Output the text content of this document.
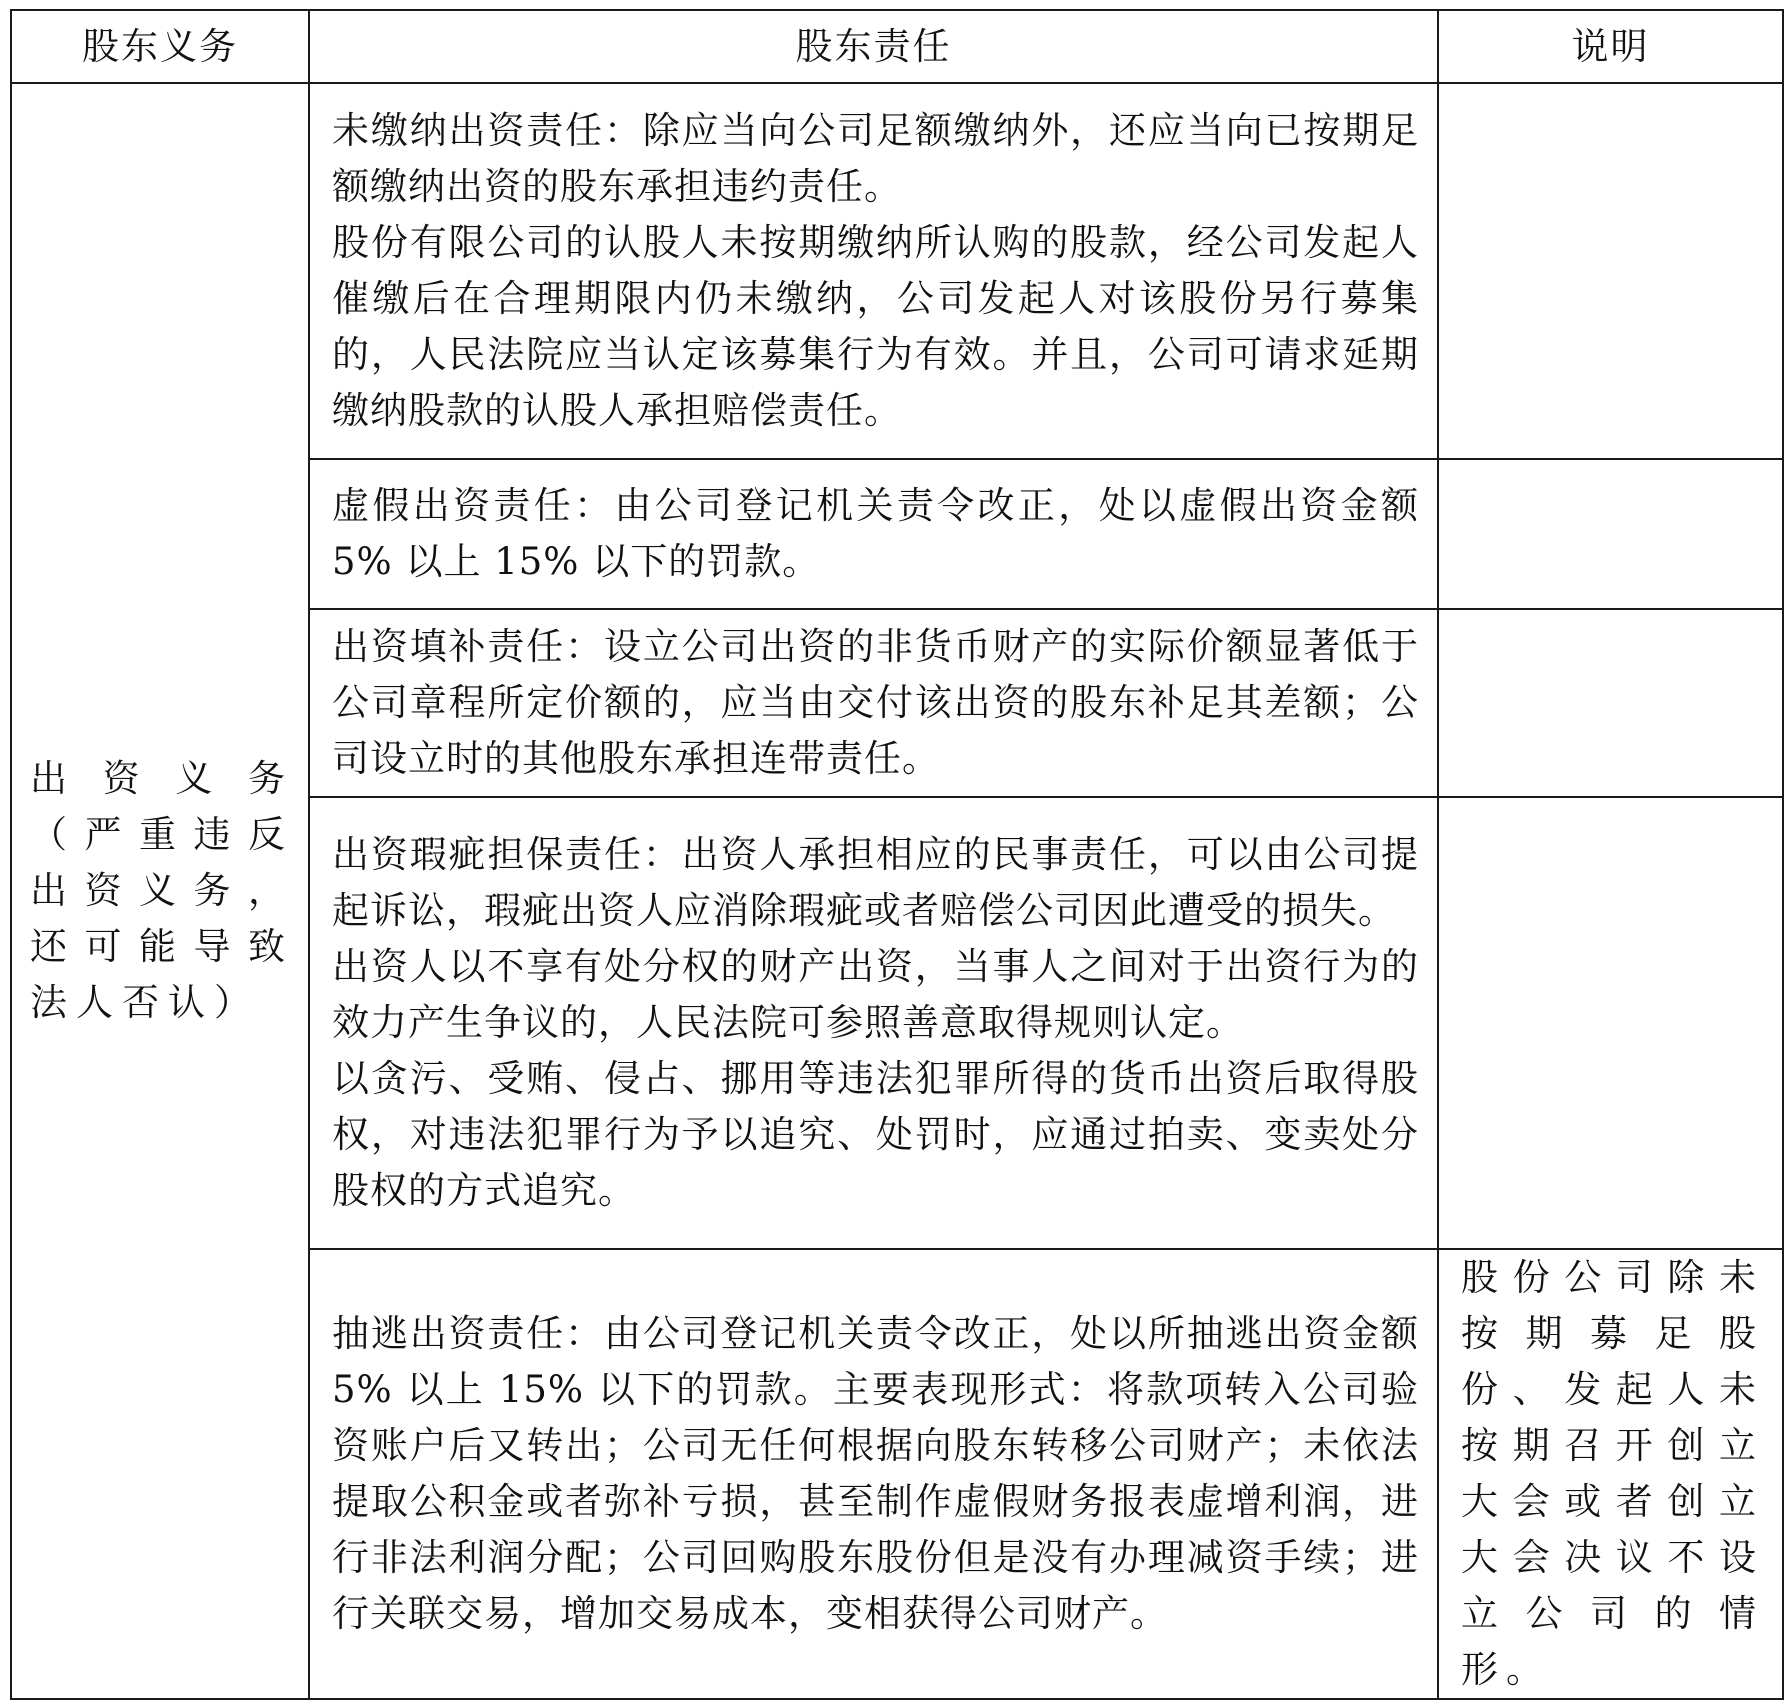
股东义务	股东责任	说明
出资义务（严重违反出资义务，还可能导致法人否认）	未缴纳出资责任：除应当向公司足额缴纳外，还应当向已按期足额缴纳出资的股东承担违约责任。

股份有限公司的认股人未按期缴纳所认购的股款，经公司发起人催缴后在合理期限内仍未缴纳，公司发起人对该股份另行募集的，人民法院应当认定该募集行为有效。并且，公司可请求延期缴纳股款的认股人承担赔偿责任。	

	虚假出资责任：由公司登记机关责令改正，处以虚假出资金额 5% 以上 15% 以下的罚款。	

	出资填补责任：设立公司出资的非货币财产的实际价额显著低于公司章程所定价额的，应当由交付该出资的股东补足其差额；公司设立时的其他股东承担连带责任。	

	出资瑕疵担保责任：出资人承担相应的民事责任，可以由公司提起诉讼，瑕疵出资人应消除瑕疵或者赔偿公司因此遭受的损失。

出资人以不享有处分权的财产出资，当事人之间对于出资行为的效力产生争议的，人民法院可参照善意取得规则认定。

以贪污、受贿、侵占、挪用等违法犯罪所得的货币出资后取得股权，对违法犯罪行为予以追究、处罚时，应通过拍卖、变卖处分股权的方式追究。	

	抽逃出资责任：由公司登记机关责令改正，处以所抽逃出资金额 5% 以上 15% 以下的罚款。主要表现形式：将款项转入公司验资账户后又转出；公司无任何根据向股东转移公司财产；未依法提取公积金或者弥补亏损，甚至制作虚假财务报表虚增利润，进行非法利润分配；公司回购股东股份但是没有办理减资手续；进行关联交易，增加交易成本，变相获得公司财产。	股份公司除未按期募足股份、发起人未按期召开创立大会或者创立大会决议不设立公司的情形。
